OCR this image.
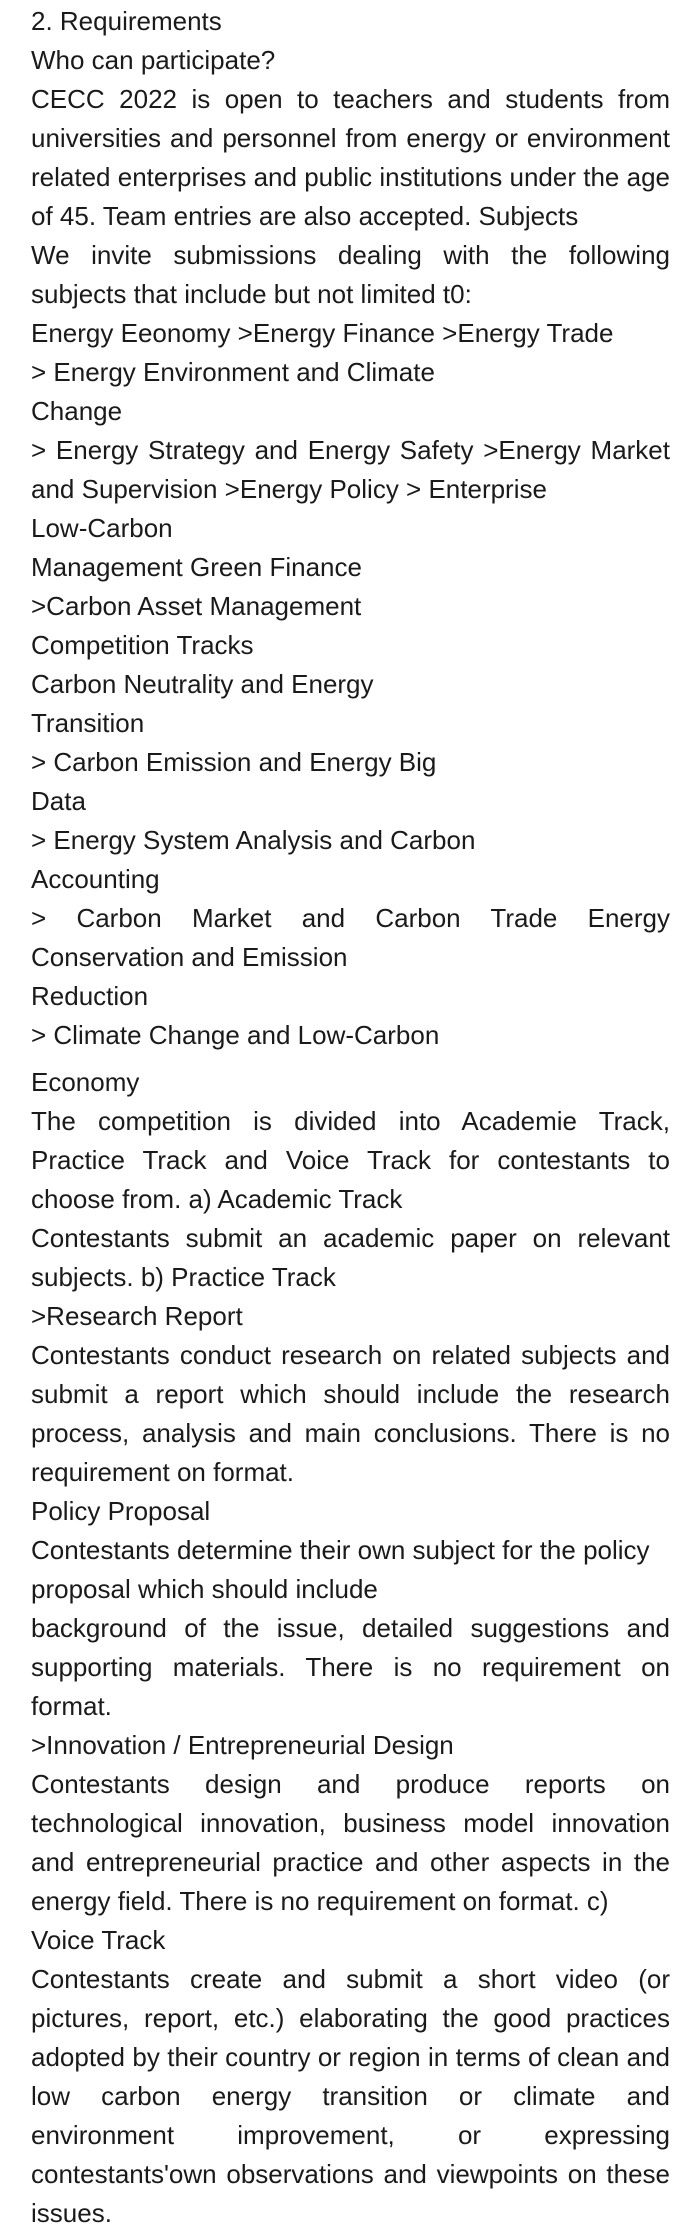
2. Requirements

Who can participate?

CECC 2022 is open to teachers and students from universities and personnel from energy or environment related enterprises and public institutions under the age of 45. Team entries are also accepted. Subjects

We invite submissions dealing with the following subjects that include but not limited t0:

Energy Eeonomy >Energy Finance >Energy Trade

> Energy Environment and Climate

Change

> Energy Strategy and Energy Safety >Energy Market and Supervision >Energy Policy > Enterprise

Low-Carbon

Management Green Finance

>Carbon Asset Management

Competition Tracks

Carbon Neutrality and Energy

Transition

> Carbon Emission and Energy Big

Data

> Energy System Analysis and Carbon

Accounting

> Carbon Market and Carbon Trade Energy

Conservation and Emission

Reduction

> Climate Change and Low-Carbon

Economy

The competition is divided into Academie Track, Practice Track and Voice Track for contestants to choose from. a) Academic Track

Contestants submit an academic paper on relevant subjects. b) Practice Track

>Research Report

Contestants conduct research on related subjects and submit a report which should include the research process, analysis and main conclusions. There is no requirement on format.

Policy Proposal

Contestants determine their own subject for the policy proposal which should include

background of the issue, detailed suggestions and supporting materials. There is no requirement on format.

>Innovation / Entrepreneurial Design

Contestants design and produce reports on technological innovation, business model innovation and entrepreneurial practice and other aspects in the energy field. There is no requirement on format. c)

Voice Track

Contestants create and submit a short video (or pictures, report, etc.) elaborating the good practices adopted by their country or region in terms of clean and low carbon energy transition or climate and environment improvement, or expressing contestants'own observations and viewpoints on these issues.
